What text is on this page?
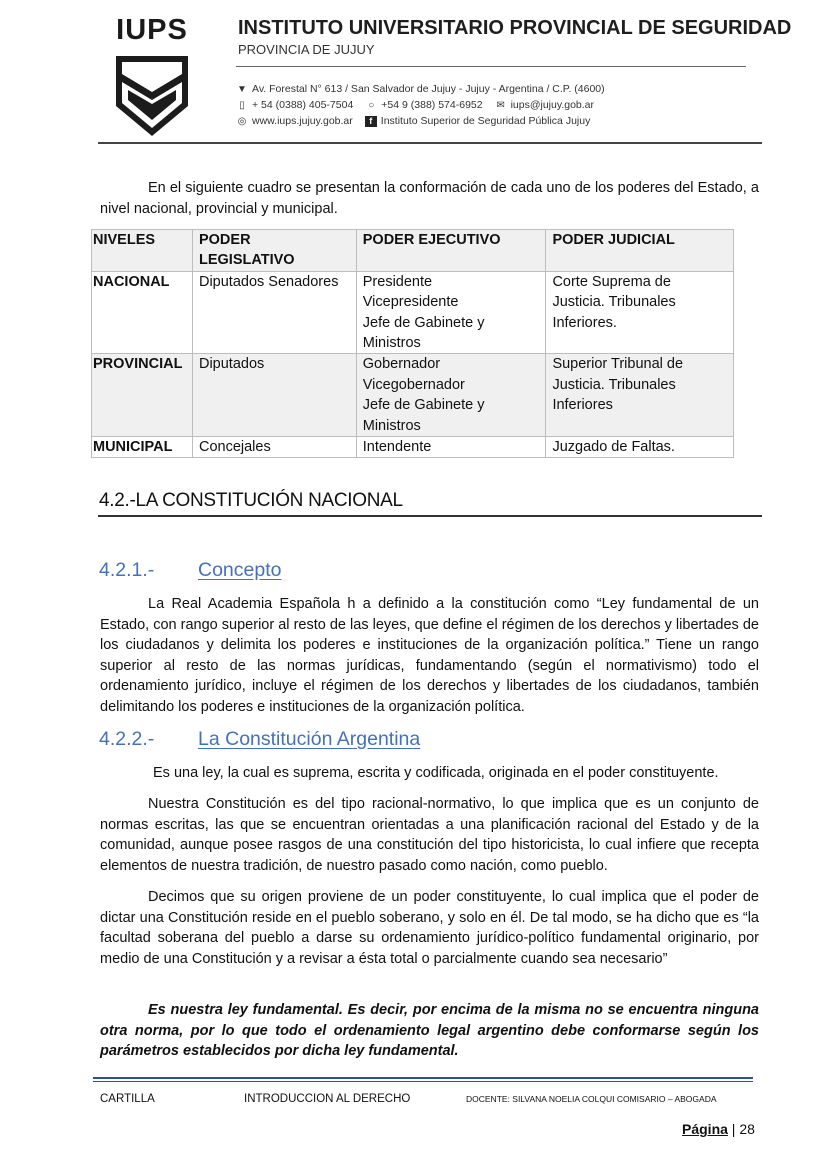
IUPS	INSTITUTO UNIVERSITARIO PROVINCIAL DE SEGURIDAD
PROVINCIA DE JUJUY
▼ Av. Forestal N° 613 / San Salvador de Jujuy - Jujuy - Argentina / C.P. (4600)
▯ + 54 (0388) 405-7504 ○ +54 9 (388) 574-6952 ✉ iups@jujuy.gob.ar
◎ www.iups.jujuy.gob.ar	f Instituto Superior de Seguridad Pública Jujuy
En el siguiente cuadro se presentan la conformación de cada uno de los poderes del Estado, a nivel nacional, provincial y municipal.
NIVELES	PODER LEGISLATIVO	PODER EJECUTIVO	PODER JUDICIAL
NACIONAL	Diputados Senadores	Presidente
Vicepresidente
Jefe de Gabinete y
Ministros	Corte Suprema de
Justicia. Tribunales
Inferiores.

PROVINCIAL	Diputados	Gobernador
Vicegobernador
Jefe de Gabinete y
Ministros	Superior Tribunal de
Justicia. Tribunales
Inferiores

MUNICIPAL	Concejales	Intendente	Juzgado de Faltas.
4.2.-LA CONSTITUCIÓN NACIONAL
4.2.1.-	Concepto
La Real Academia Española h a definido a la constitución como “Ley fundamental de un Estado, con rango superior al resto de las leyes, que define el régimen de los derechos y libertades de los ciudadanos y delimita los poderes e instituciones de la organización política.” Tiene un rango superior al resto de las normas jurídicas, fundamentando (según el normativismo) todo el ordenamiento jurídico, incluye el régimen de los derechos y libertades de los ciudadanos, también delimitando los poderes e instituciones de la organización política.
4.2.2.-	La Constitución Argentina
Es una ley, la cual es suprema, escrita y codificada, originada en el poder constituyente.
Nuestra Constitución es del tipo racional-normativo, lo que implica que es un conjunto de normas escritas, las que se encuentran orientadas a una planificación racional del Estado y de la comunidad, aunque posee rasgos de una constitución del tipo historicista, lo cual infiere que recepta elementos de nuestra tradición, de nuestro pasado como nación, como pueblo.
Decimos que su origen proviene de un poder constituyente, lo cual implica que el poder de dictar una Constitución reside en el pueblo soberano, y solo en él. De tal modo, se ha dicho que es “la facultad soberana del pueblo a darse su ordenamiento jurídico-político fundamental originario, por medio de una Constitución y a revisar a ésta total o parcialmente cuando sea necesario”
Es nuestra ley fundamental. Es decir, por encima de la misma no se encuentra ninguna otra norma, por lo que todo el ordenamiento legal argentino debe conformarse según los parámetros establecidos por dicha ley fundamental.
CARTILLA	INTRODUCCION AL DERECHO	DOCENTE: SILVANA NOELIA COLQUI COMISARIO – ABOGADA
Página | 28
